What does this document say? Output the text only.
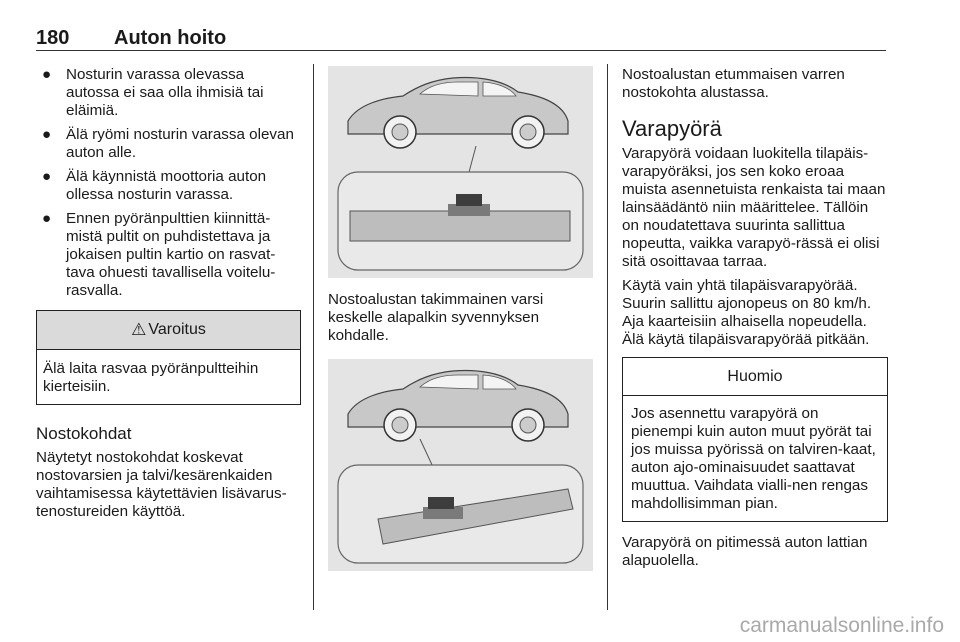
180 Auton hoito
● Nosturin varassa olevassa autossa ei saa olla ihmisiä tai eläimiä.
● Älä ryömi nosturin varassa olevan auton alle.
● Älä käynnistä moottoria auton ollessa nosturin varassa.
● Ennen pyöränpulttien kiinnittä-mistä pultit on puhdistettava ja jokaisen pultin kartio on rasvat-tava ohuesti tavallisella voitelu-rasvalla.
⚠ Varoitus
Älä laita rasvaa pyöränpultteihin kierteisiin.
Nostokohdat

Näytetyt nostokohdat koskevat nostovarsien ja talvi/kesärenkaiden vaihtamisessa käytettävien lisävarus-tenostureiden käyttöä.

Nostoalustan takimmainen varsi keskelle alapalkin syvennyksen kohdalle.

Nostoalustan etummaisen varren nostokohta alustassa.

Varapyörä

Varapyörä voidaan luokitella tilapäis-varapyöräksi, jos sen koko eroaa muista asennetuista renkaista tai maan lainsäädäntö niin määrittelee. Tällöin on noudatettava suurinta sallittua nopeutta, vaikka varapyö-rässä ei olisi sitä osoittavaa tarraa.

Käytä vain yhtä tilapäisvarapyörää. Suurin sallittu ajonopeus on 80 km/h. Aja kaarteisiin alhaisella nopeudella. Älä käytä tilapäisvarapyörää pitkään.

Huomio
Jos asennettu varapyörä on pienempi kuin auton muut pyörät tai jos muissa pyörissä on talviren-kaat, auton ajo-ominaisuudet saattavat muuttua. Vaihdata vialli-nen rengas mahdollisimman pian.

Varapyörä on pitimessä auton lattian alapuolella.

carmanualsonline.info
